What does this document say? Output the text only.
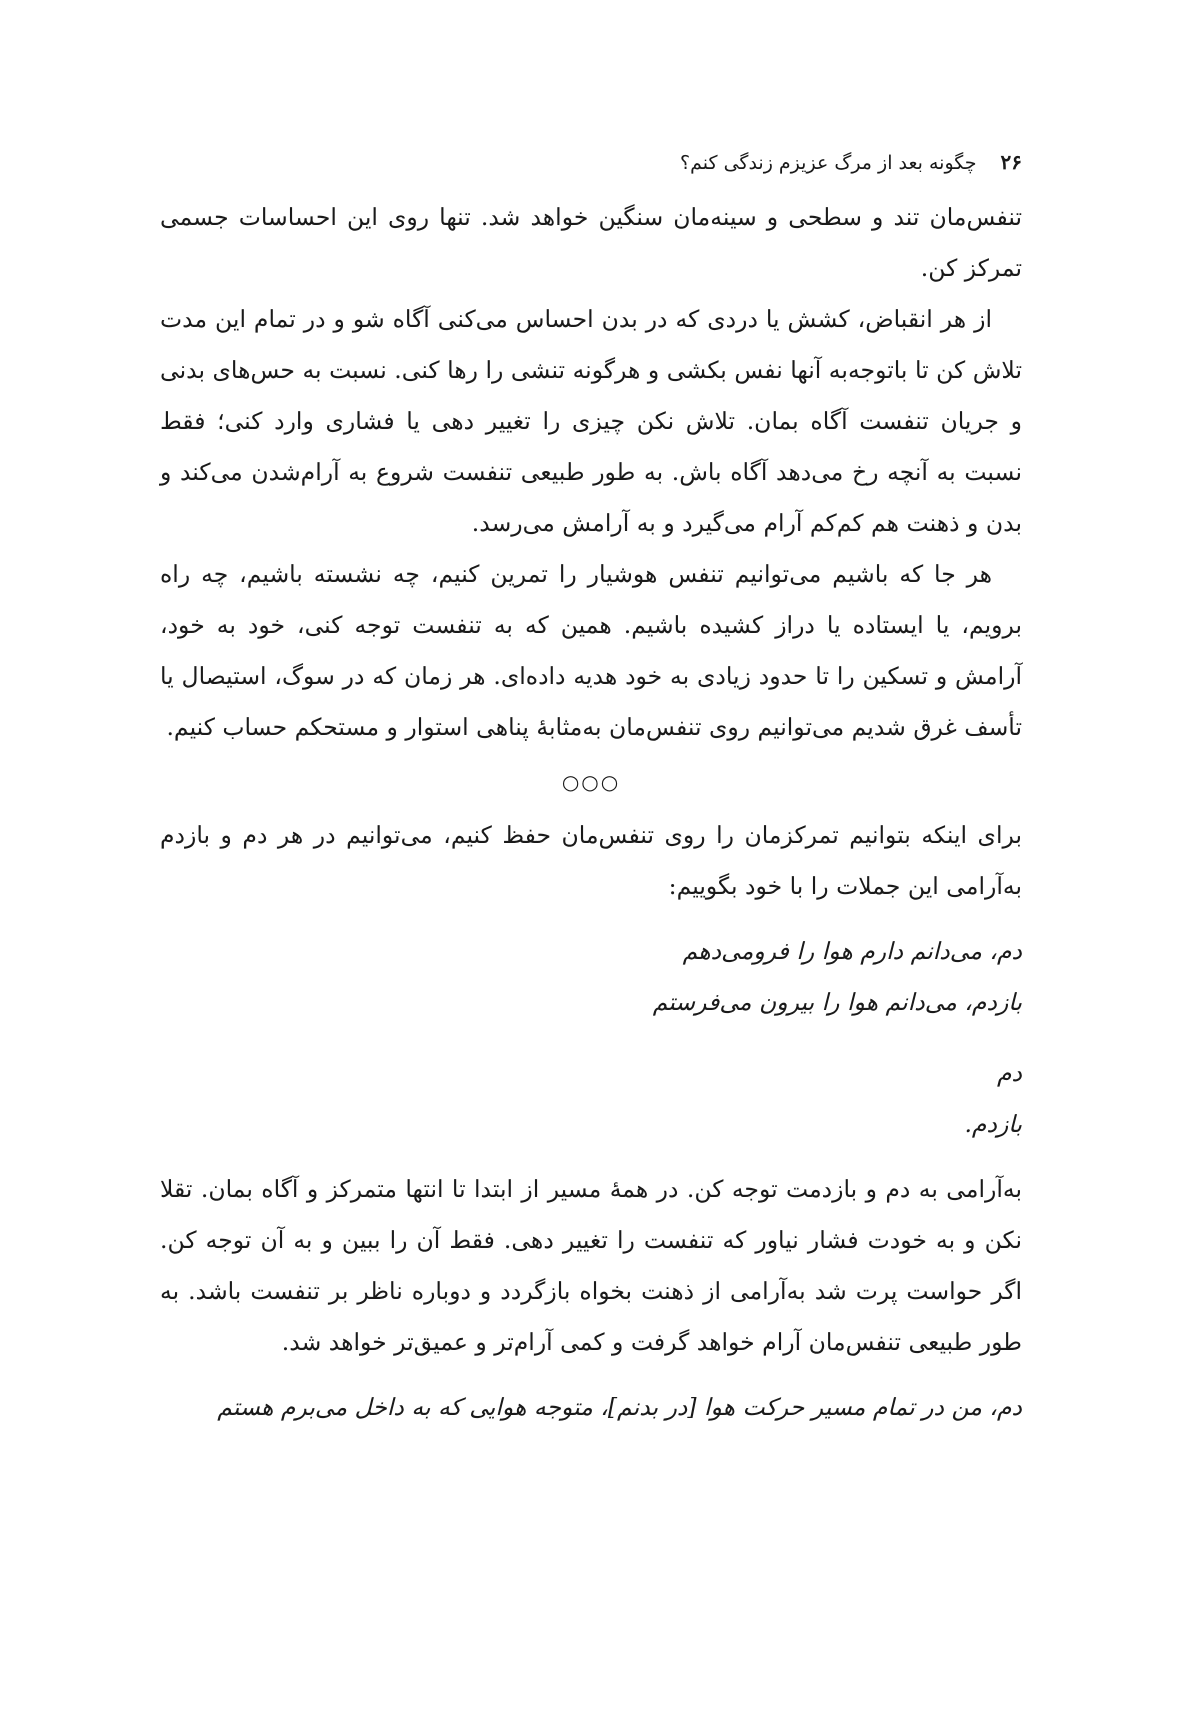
۲۶
چگونه بعد از مرگ عزیزم زندگی کنم؟

تنفس‌مان تند و سطحی و سینه‌مان سنگین خواهد شد. تنها روی این احساسات جسمی تمرکز کن.

از هر انقباض، کشش یا دردی که در بدن احساس می‌کنی آگاه شو و در تمام این مدت تلاش کن تا باتوجه‌به آنها نفس بکشی و هرگونه تنشی را رها کنی. نسبت به حس‌های بدنی و جریان تنفست آگاه بمان. تلاش نکن چیزی را تغییر دهی یا فشاری وارد کنی؛ فقط نسبت به آنچه رخ می‌دهد آگاه باش. به طور طبیعی تنفست شروع به آرام‌شدن می‌کند و بدن و ذهنت هم کم‌کم آرام می‌گیرد و به آرامش می‌رسد.

هر جا که باشیم می‌توانیم تنفس هوشیار را تمرین کنیم، چه نشسته باشیم، چه راه برویم، یا ایستاده یا دراز کشیده باشیم. همین که به تنفست توجه کنی، خود به خود، آرامش و تسکین را تا حدود زیادی به خود هدیه داده‌ای. هر زمان که در سوگ، استیصال یا تأسف غرق شدیم می‌توانیم روی تنفس‌مان به‌مثابهٔ پناهی استوار و مستحکم حساب کنیم.

○○○

برای اینکه بتوانیم تمرکزمان را روی تنفس‌مان حفظ کنیم، می‌توانیم در هر دم و بازدم به‌آرامی این جملات را با خود بگوییم:

دم، می‌دانم دارم هوا را فرومی‌دهم
بازدم، می‌دانم هوا را بیرون می‌فرستم
دم
بازدم.

به‌آرامی به دم و بازدمت توجه کن. در همهٔ مسیر از ابتدا تا انتها متمرکز و آگاه بمان. تقلا نکن و به خودت فشار نیاور که تنفست را تغییر دهی. فقط آن را ببین و به آن توجه کن. اگر حواست پرت شد به‌آرامی از ذهنت بخواه بازگردد و دوباره ناظر بر تنفست باشد. به طور طبیعی تنفس‌مان آرام خواهد گرفت و کمی آرام‌تر و عمیق‌تر خواهد شد.

دم، من در تمام مسیر حرکت هوا [در بدنم]، متوجه هوایی که به داخل می‌برم هستم
